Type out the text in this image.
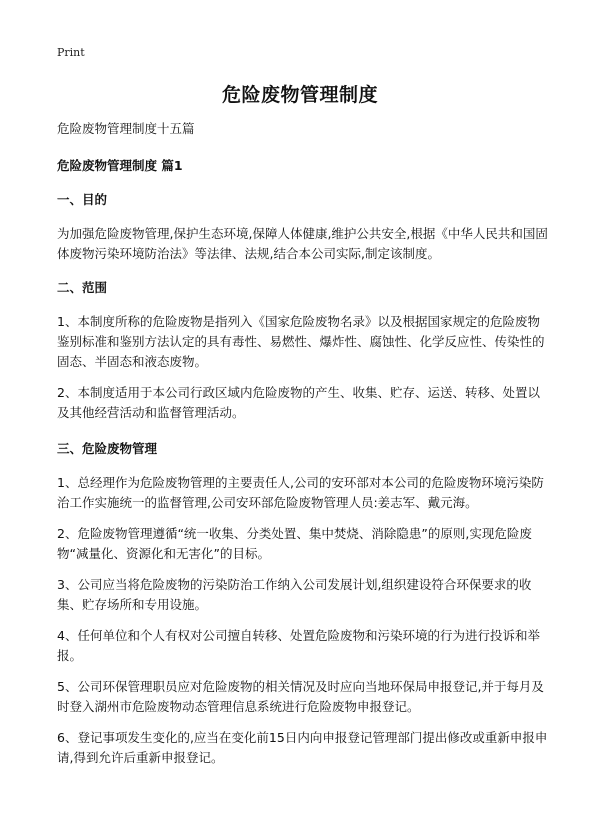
Print
危险废物管理制度

危险废物管理制度十五篇

危险废物管理制度 篇1

一、目的

为加强危险废物管理,保护生态环境,保障人体健康,维护公共安全,根据《中华人民共和国固体废物污染环境防治法》等法律、法规,结合本公司实际,制定该制度。

二、范围

1、本制度所称的危险废物是指列入《国家危险废物名录》以及根据国家规定的危险废物鉴别标准和鉴别方法认定的具有毒性、易燃性、爆炸性、腐蚀性、化学反应性、传染性的固态、半固态和液态废物。

2、本制度适用于本公司行政区域内危险废物的产生、收集、贮存、运送、转移、处置以及其他经营活动和监督管理活动。

三、危险废物管理

1、总经理作为危险废物管理的主要责任人,公司的安环部对本公司的危险废物环境污染防治工作实施统一的监督管理,公司安环部危险废物管理人员:姜志军、戴元海。

2、危险废物管理遵循“统一收集、分类处置、集中焚烧、消除隐患”的原则,实现危险废物“减量化、资源化和无害化”的目标。

3、公司应当将危险废物的污染防治工作纳入公司发展计划,组织建设符合环保要求的收集、贮存场所和专用设施。

4、任何单位和个人有权对公司擅自转移、处置危险废物和污染环境的行为进行投诉和举报。

5、公司环保管理职员应对危险废物的相关情况及时应向当地环保局申报登记,并于每月及时登入湖州市危险废物动态管理信息系统进行危险废物申报登记。

6、登记事项发生变化的,应当在变化前15日内向申报登记管理部门提出修改或重新申报申请,得到允许后重新申报登记。
